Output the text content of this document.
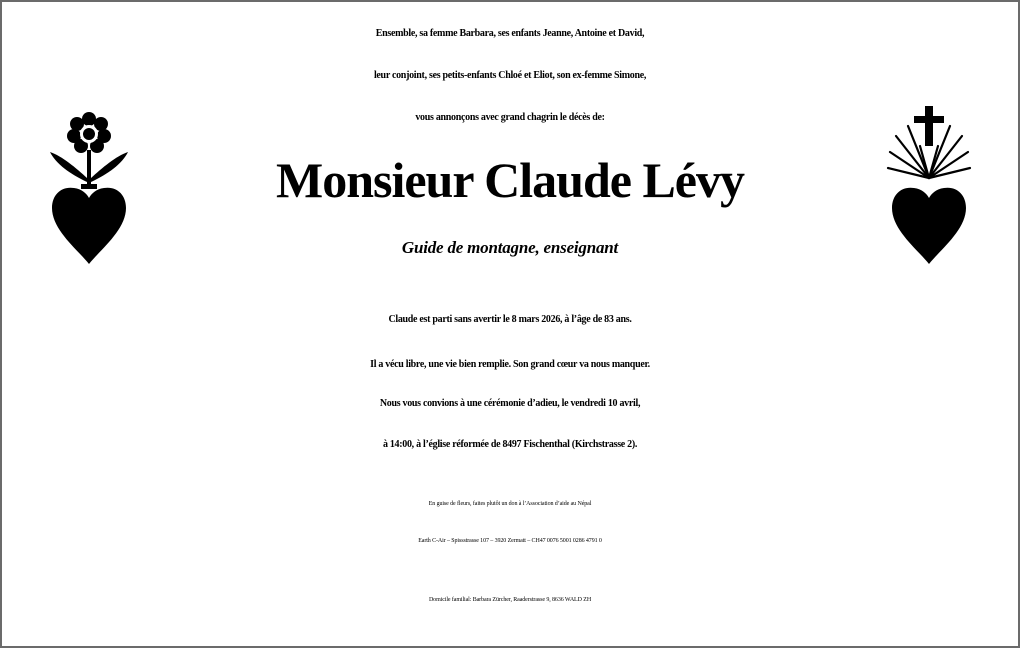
Ensemble, sa femme Barbara, ses enfants Jeanne, Antoine et David,
leur conjoint, ses petits-enfants Chloé et Eliot, son ex-femme Simone,
vous annonçons avec grand chagrin le décès de:
Monsieur Claude Lévy
Guide de montagne, enseignant
Claude est parti sans avertir le 8 mars 2026, à l’âge de 83 ans.
Il a vécu libre, une vie bien remplie. Son grand cœur va nous manquer.
Nous vous convions à une cérémonie d’adieu, le vendredi 10 avril,
à 14:00, à l’église réformée de 8497 Fischenthal (Kirchstrasse 2).
En guise de fleurs, faites plutôt un don à l’Association d’aide au Népal
Earth C-Air – Spissstrasse 107 – 3920 Zermatt – CH47 0076 5001 0286 4791 0
Domicile familial: Barbara Zürcher, Raaderstrasse 9, 8636 WALD ZH
